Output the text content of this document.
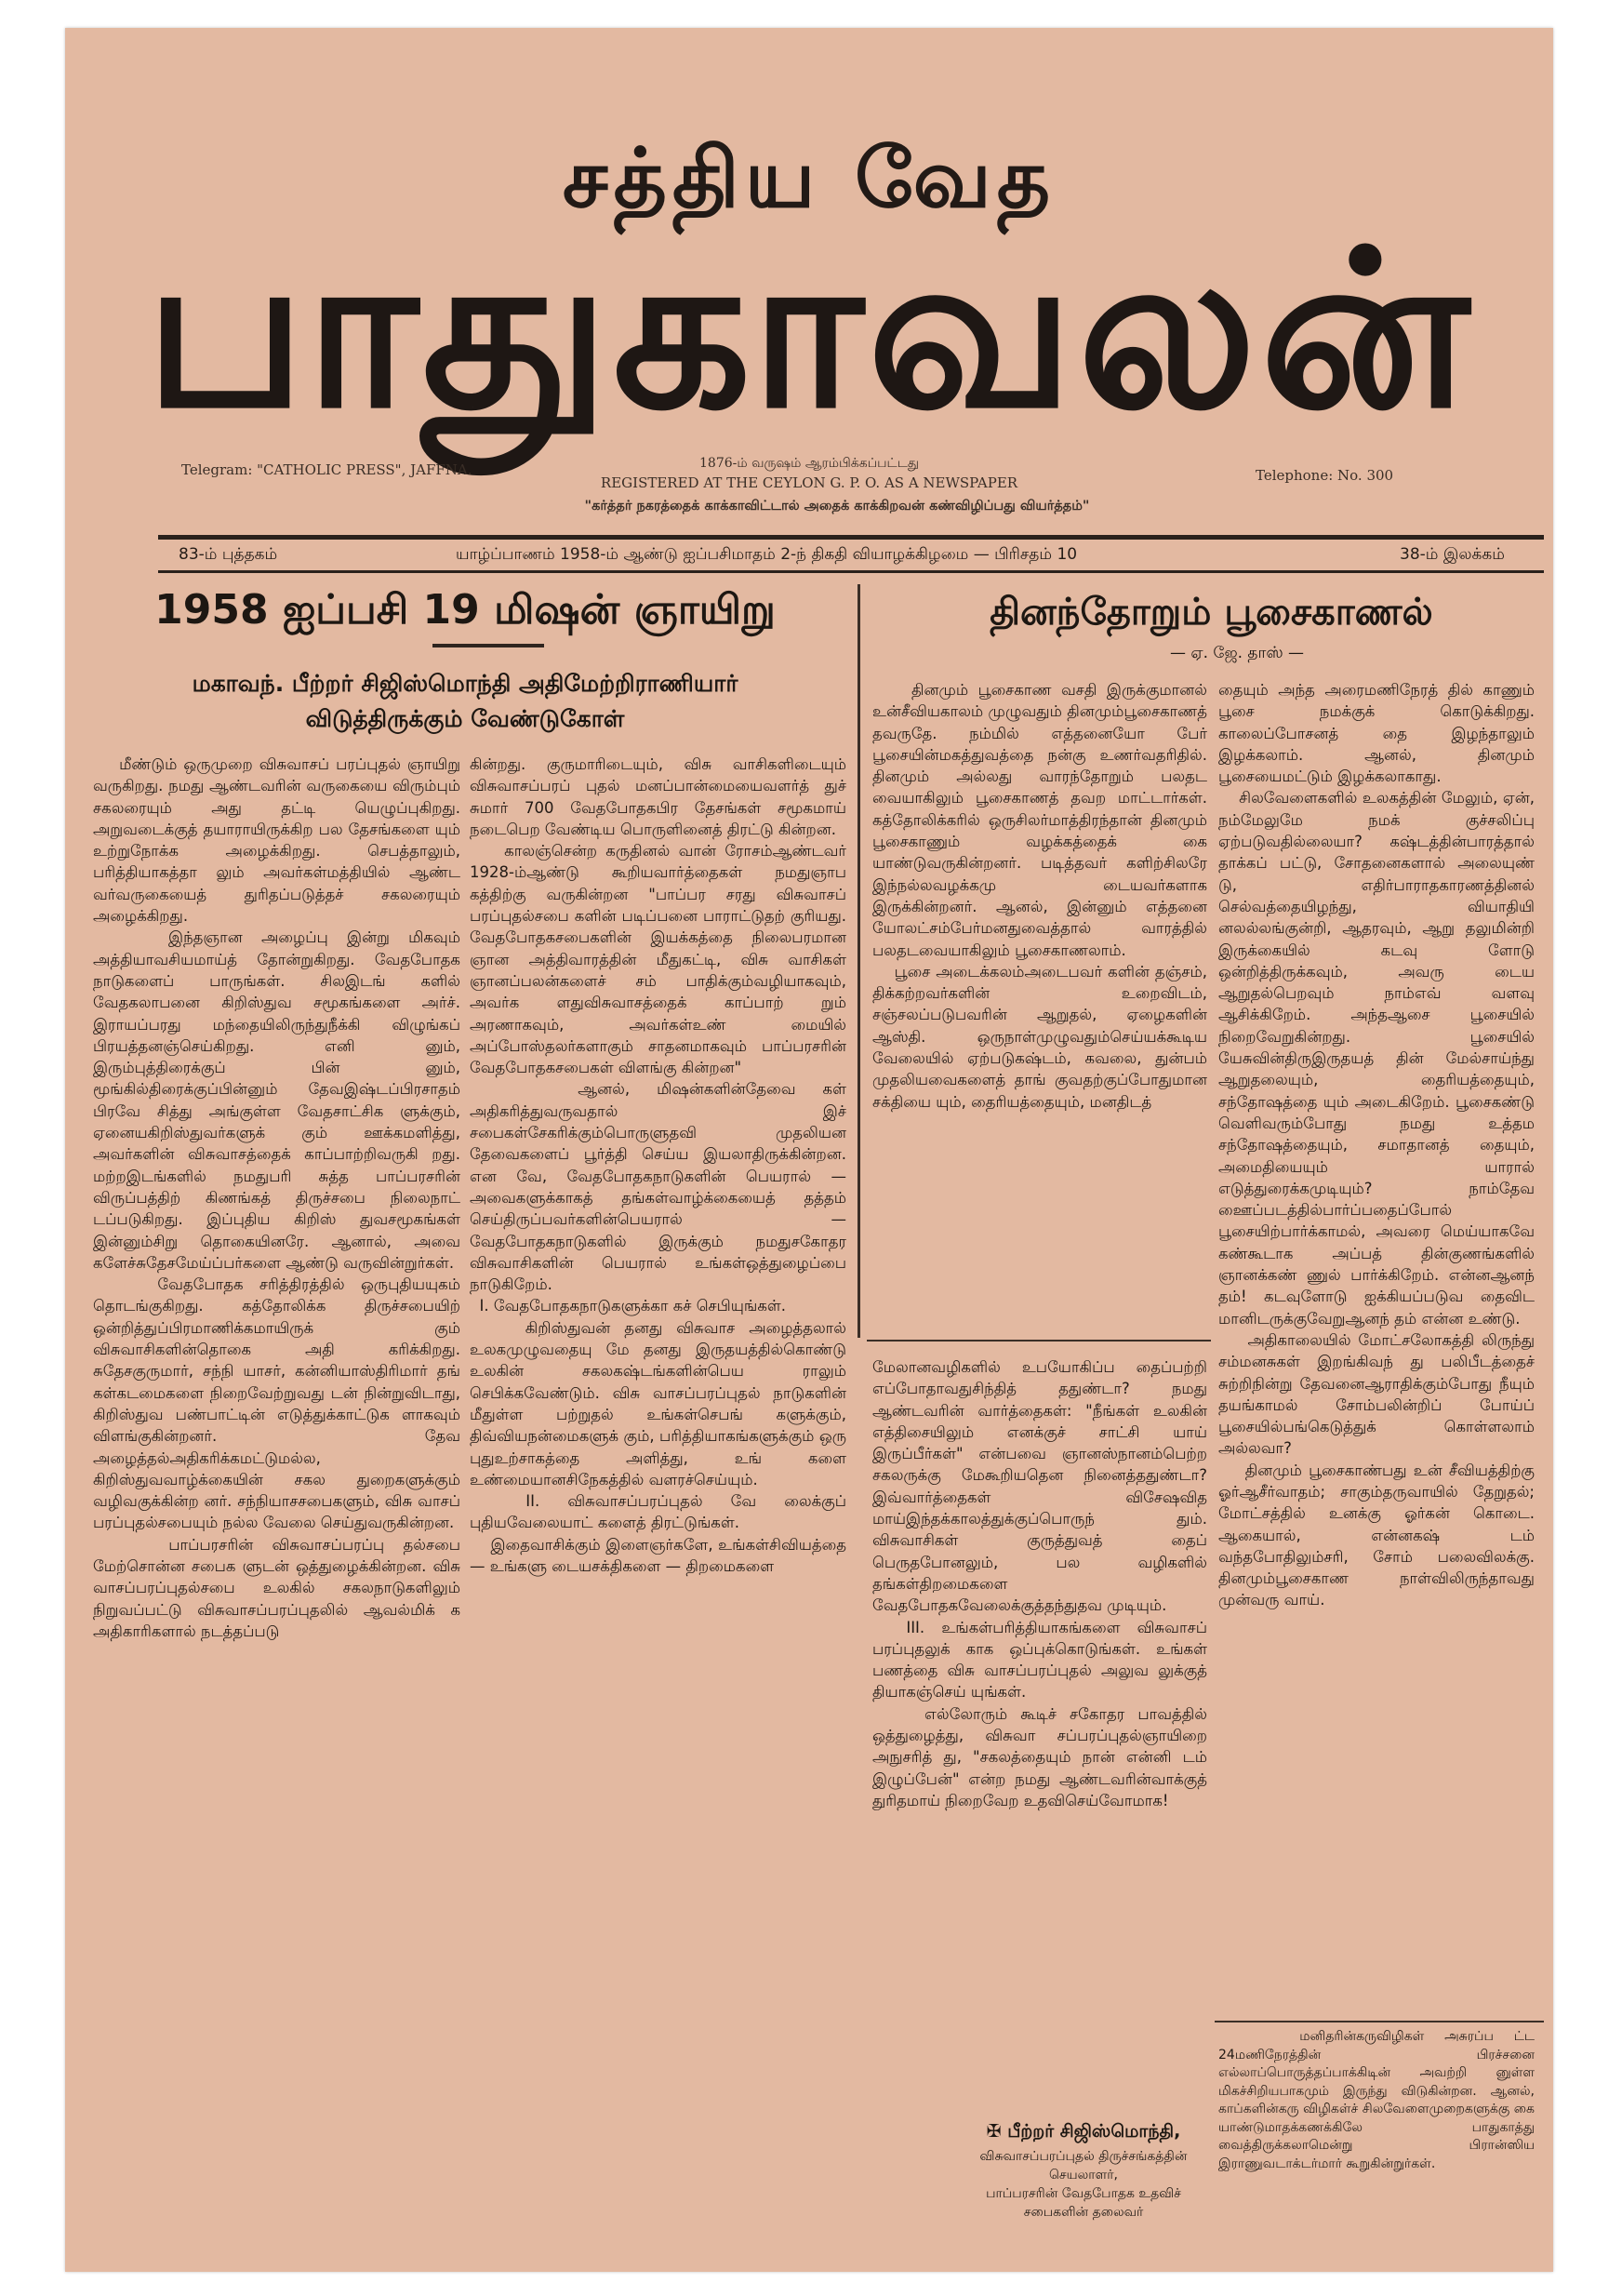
சத்திய வேத
பாதுகாவலன்
Telegram: "CATHOLIC PRESS", JAFFNA.	1876-ம் வருஷம் ஆரம்பிக்கப்பட்டது
REGISTERED AT THE CEYLON G. P. O. AS A NEWSPAPER	Telephone: No. 300
"கர்த்தர் நகரத்தைக் காக்காவிட்டால் அதைக் காக்கிறவன் கண்விழிப்பது வியர்த்தம்"
83-ம் புத்தகம்	யாழ்ப்பாணம் 1958-ம் ஆண்டு ஐப்பசிமாதம் 2-ந் திகதி வியாழக்கிழமை — பிரிசதம் 10	38-ம் இலக்கம்
1958 ஐப்பசி 19 மிஷன் ஞாயிறு
மகாவந். பீற்றர் சிஜிஸ்மொந்தி அதிமேற்றிராணியார்
விடுத்திருக்கும் வேண்டுகோள்
மீண்டும் ஒருமுறை விசுவாசப் பரப்புதல் ஞாயிறு வருகிறது. நமது ஆண்டவரின் வருகையை விரும்பும் சகலரையும் அது தட்டி யெழுப்புகிறது. அறுவடைக்குத் தயாராயிருக்கிற பல தேசங்களை யும் உற்றுநோக்க அழைக்கிறது. செபத்தாலும், பரித்தியாகத்தா லும் அவர்கள்மத்தியில் ஆண்ட வர்வருகையைத் துரிதப்படுத்தச் சகலரையும் அழைக்கிறது.
இந்தஞான அழைப்பு இன்று மிகவும் அத்தியாவசியமாய்த் தோன்றுகிறது. வேதபோதக நாடுகளைப் பாருங்கள். சிலஇடங் களில் வேதகலாபனை கிறிஸ்துவ சமூகங்களை அர்ச். இராயப்பரது மந்தையிலிருந்துநீக்கி விழுங்கப் பிரயத்தனஞ்செய்கிறது. எனி னும், இரும்புத்திரைக்குப் பின் னும், மூங்கில்திரைக்குப்பின்னும் தேவஇஷ்டப்பிரசாதம் பிரவே சித்து அங்குள்ள வேதசாட்சிக ளுக்கும், ஏனையகிறிஸ்துவர்களுக் கும் ஊக்கமளித்து, அவர்களின் விசுவாசத்தைக் காப்பாற்றிவருகி றது. மற்றஇடங்களில் நமதுபரி சுத்த பாப்பரசரின் விருப்பத்திற் கிணங்கத் திருச்சபை நிலைநாட் டப்படுகிறது. இப்புதிய கிறிஸ் துவசமூகங்கள் இன்னும்சிறு தொகையினரே. ஆனால், அவை களேச்சுதேசமேய்ப்பர்களை ஆண்டு வருவின்றுர்கள்.
வேதபோதக சரித்திரத்தில் ஒருபுதியயுகம் தொடங்குகிறது. கத்தோலிக்க திருச்சபையிற் ஒன்றித்துப்பிரமாணிக்கமாயிருக் கும் விசுவாசிகளின்தொகை அதி கரிக்கிறது. சுதேசகுருமார், சந்நி யாசர், கன்னியாஸ்திரிமார் தங் கள்கடமைகளை நிறைவேற்றுவது டன் நின்றுவிடாது, கிறிஸ்துவ பண்பாட்டின் எடுத்துக்காட்டுக ளாகவும் விளங்குகின்றனர். தேவ அழைத்தல்அதிகரிக்கமட்டுமல்ல, கிறிஸ்துவவாழ்க்கையின் சகல துறைகளுக்கும் வழிவகுக்கின்ற னர். சந்நியாசசபைகளும், விசு வாசப் பரப்புதல்சபையும் நல்ல வேலை செய்துவருகின்றன.
பாப்பரசரின் விசுவாசப்பரப்பு தல்சபை மேற்சொன்ன சபைக ளுடன் ஒத்துழைக்கின்றன. விசு வாசப்பரப்புதல்சபை உலகில் சகலநாடுகளிலும் நிறுவப்பட்டு விசுவாசப்பரப்புதலில் ஆவல்மிக் க அதிகாரிகளால் நடத்தப்படு
கின்றது. குருமாரிடையும், விசு வாசிகளிடையும் விசுவாசப்பரப் புதல் மனப்பான்மையைவளர்த் துச் சுமார் 700 வேதபோதகபிர தேசங்கள் சமூகமாய் நடைபெற வேண்டிய பொருளினைத் திரட்டு கின்றன.
காலஞ்சென்ற கருதினல் வான் ரோசம்ஆண்டவர் 1928-ம்ஆண்டு கூறியவார்த்தைகள் நமதுஞாப கத்திற்கு வருகின்றன "பாப்பர சரது விசுவாசப் பரப்புதல்சபை களின் படிப்பனை பாராட்டுதற் குரியது. வேதபோதகசபைகளின் இயக்கத்தை நிலைபரமான ஞான அத்திவாரத்தின் மீதுகட்டி, விசு வாசிகள் ஞானப்பலன்களைச் சம் பாதிக்கும்வழியாகவும், அவர்க ளதுவிசுவாசத்தைக் காப்பாற் றும் அரணாகவும், அவர்கள்உண் மையில் அப்போஸ்தலர்களாகும் சாதனமாகவும் பாப்பரசரின் வேதபோதகசபைகள் விளங்கு கின்றன"
ஆனல், மிஷன்களின்தேவை கள் அதிகரித்துவருவதால் இச் சபைகள்சேகரிக்கும்பொருளுதவி முதலியன தேவைகளைப் பூர்த்தி செய்ய இயலாதிருக்கின்றன. என வே, வேதபோதகநாடுகளின் பெயரால் — அவைகளுக்காகத் தங்கள்வாழ்க்கையைத் தத்தம் செய்திருப்பவர்களின்பெயரால் — வேதபோதகநாடுகளில் இருக்கும் நமதுசகோதர விசுவாசிகளின் பெயரால் உங்கள்ஒத்துழைப்பை நாடுகிறேம்.
I. வேதபோதகநாடுகளுக்கா கச் செபியுங்கள்.
கிறிஸ்துவன் தனது விசுவாச அழைத்தலால் உலகமுழுவதையு மே தனது இருதயத்தில்கொண்டு உலகின் சகலகஷ்டங்களின்பெய ராலும் செபிக்கவேண்டும். விசு வாசப்பரப்புதல் நாடுகளின் மீதுள்ள பற்றுதல் உங்கள்செபங் களுக்கும், திவ்வியநன்மைகளுக் கும், பரித்தியாகங்களுக்கும் ஒரு புதுஉற்சாகத்தை அளித்து, உங் களை உண்மையானசிநேகத்தில் வளரச்செய்யும்.
II. விசுவாசப்பரப்புதல் வே லைக்குப் புதியவேலையாட் களைத் திரட்டுங்கள்.
இதைவாசிக்கும் இளைஞர்களே, உங்கள்சிவியத்தை — உங்களு டையசக்திகளை — திறமைகளை
✠ பீற்றர் சிஜிஸ்மொந்தி,
விசுவாசப்பரப்புதல் திருச்சங்கத்தின்
செயலாளர்,
பாப்பரசரின் வேதபோதக உதவிச்
சபைகளின் தலைவர்
தினந்தோறும் பூசைகாணல்
— ஏ. ஜே. தாஸ் —
தினமும் பூசைகாண வசதி இருக்குமானல் உன்சீவியகாலம் முழுவதும் தினமும்பூசைகாணத் தவருதே. நம்மில் எத்தனையோ பேர் பூசையின்மகத்துவத்தை நன்கு உணர்வதரிதில். தினமும் அல்லது வாரந்தோறும் பலதட வையாகிலும் பூசைகாணத் தவற மாட்டார்கள். கத்தோலிக்கரில் ஒருசிலர்மாத்திரந்தான் தினமும் பூசைகாணும் வழக்கத்தைக் கை யாண்டுவருகின்றனர். படித்தவர் களிற்சிலரே இந்நல்லவழக்கமு டையவர்களாக இருக்கின்றனர். ஆனல், இன்னும் எத்தனை யோலட்சம்பேர்மனதுவைத்தால் வாரத்தில் பலதடவையாகிலும் பூசைகாணலாம்.
பூசை அடைக்கலம்அடைபவர் களின் தஞ்சம், திக்கற்றவர்களின் உறைவிடம், சஞ்சலப்படுபவரின் ஆறுதல், ஏழைகளின் ஆஸ்தி. ஒருநாள்முழுவதும்செய்யக்கூடிய வேலையில் ஏற்படுகஷ்டம், கவலை, துன்பம் முதலியவைகளைத் தாங் குவதற்குப்போதுமான சக்தியை யும், தைரியத்தையும், மனதிடத்
மேலானவழிகளில் உபயோகிப்ப தைப்பற்றி எப்போதாவதுசிந்தித் ததுண்டா? நமது ஆண்டவரின் வார்த்தைகள்: "நீங்கள் உலகின் எத்திசையிலும் எனக்குச் சாட்சி யாய் இருப்பீர்கள்" என்பவை ஞானஸ்நானம்பெற்ற சகலருக்கு மேகூறியதென நினைத்ததுண்டா? இவ்வார்த்தைகள் விசேஷவித மாய்இந்தக்காலத்துக்குப்பொருந் தும். விசுவாசிகள் குருத்துவத் தைப் பெருதபோனலும், பல வழிகளில் தங்கள்திறமைகளை வேதபோதகவேலைக்குத்தந்துதவ முடியும்.
III. உங்கள்பரித்தியாகங்களை விசுவாசப் பரப்புதலுக் காக ஒப்புக்கொடுங்கள். உங்கள் பணத்தை விசு வாசப்பரப்புதல் அலுவ லுக்குத் தியாகஞ்செய் யுங்கள்.
எல்லோரும் கூடிச் சகோதர பாவத்தில் ஒத்துழைத்து, விசுவா சப்பரப்புதல்ஞாயிறை அநுசரித் து, "சகலத்தையும் நான் என்னி டம் இழுப்பேன்" என்ற நமது ஆண்டவரின்வாக்குத் துரிதமாய் நிறைவேற உதவிசெய்வோமாக!
தையும் அந்த அரைமணிநேரத் தில் காணும் பூசை நமக்குக் கொடுக்கிறது. காலைப்போசனத் தை இழந்தாலும் இழக்கலாம். ஆனல், தினமும் பூசையைமட்டும் இழக்கலாகாது.
சிலவேளைகளில் உலகத்தின் மேலும், ஏன், நம்மேலுமே நமக் குச்சலிப்பு ஏற்படுவதில்லையா? கஷ்டத்தின்பாரத்தால் தாக்கப் பட்டு, சோதனைகளால் அலையுண் டு, எதிர்பாராதகாரணத்தினல் செல்வத்தையிழந்து, வியாதியி னலல்லங்குன்றி, ஆதரவும், ஆறு தலுமின்றி இருக்கையில் கடவு ளோடு ஒன்றித்திருக்கவும், அவரு டைய ஆறுதல்பெறவும் நாம்எவ் வளவு ஆசிக்கிறேம். அந்தஆசை பூசையில் நிறைவேறுகின்றது. பூசையில் யேசுவின்திருஇருதயத் தின் மேல்சாய்ந்து ஆறுதலையும், தைரியத்தையும், சந்தோஷத்தை யும் அடைகிறேம். பூசைகண்டு வெளிவரும்போது நமது உத்தம சந்தோஷத்தையும், சமாதானத் தையும், அமைதியையும் யாரால் எடுத்துரைக்கமுடியும்? நாம்தேவ ஊைப்படத்தில்பார்ப்பதைப்போல் பூசையிற்பார்க்காமல், அவரை மெய்யாகவே கண்கூடாக அப்பத் தின்குணங்களில் ஞானக்கண் ணுல் பார்க்கிறேம். என்னஆனந் தம்! கடவுளோடு ஐக்கியப்படுவ தைவிட மானிடருக்குவேறுஆனந் தம் என்ன உண்டு.
அதிகாலையில் மோட்சலோகத்தி லிருந்து சம்மனசுகள் இறங்கிவந் து பலிபீடத்தைச் சுற்றிநின்று தேவனைஆராதிக்கும்போது நீயும் தயங்காமல் சோம்பலின்றிப் போய்ப் பூசையில்பங்கெடுத்துக் கொள்ளலாம் அல்லவா?
தினமும் பூசைகாண்பது உன் சீவியத்திற்கு ஓர்ஆசீர்வாதம்; சாகும்தருவாயில் தேறுதல்; மோட்சத்தில் உனக்கு ஓர்கன் கொடை. ஆகையால், என்னகஷ் டம் வந்தபோதிலும்சரி, சோம் பலைவிலக்கு. தினமும்பூசைகாண நாள்விலிருந்தாவது முன்வரு வாய்.
மனிதரின்கருவிழிகள் அசுரப்ப ட்ட 24மணிநேரத்தின் பிரச்சனை எல்லாப்பொருத்தப்பாக்கிடின் அவற்றி னுள்ள மிகச்சிறியபாகமும் இருந்து விடுகின்றன. ஆனல், காப்களின்கரு விழிகள்ச் சிலவேளைமுறைகளுக்கு கை யாண்டுமாதக்கணக்கிலே பாதுகாத்து வைத்திருக்கலாமென்று பிரான்ஸிய இராணுவடாக்டர்மார் கூறுகின்றுர்கள்.
